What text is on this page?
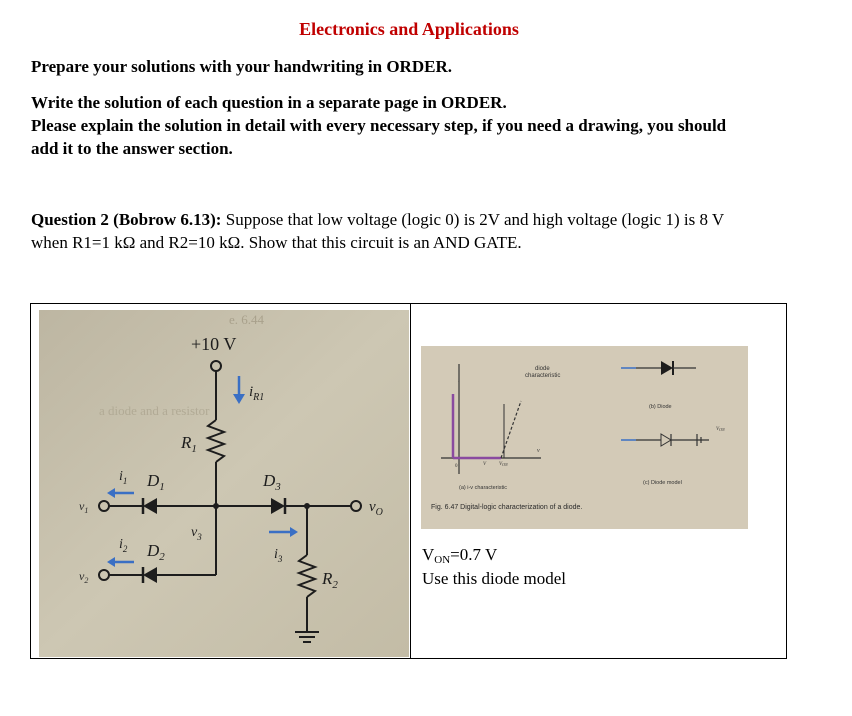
Electronics and Applications
Prepare your solutions with your handwriting in ORDER.
Write the solution of each question in a separate page in ORDER.
Please explain the solution in detail with every necessary step, if you need a drawing, you should
add it to the answer section.
Question 2 (Bobrow 6.13): Suppose that low voltage (logic 0) is 2V and high voltage (logic 1) is 8 V
when R1=1 kΩ and R2=10 kΩ. Show that this circuit is an AND GATE.
e. 6.44
a diode and a resistor
+10 V
$R_1$
$i_{R1}$
$D_1$
$i_1$
$v_1$
$D_2$
$i_2$
$v_2$
$v_3$
$D_3$
$v_O$
$i_3$
$R_2$

i
v
0	V	$V_{ON}$
diode
characteristic
(a) i-v characteristic
(b) Diode
$V_{ON}$
(c) Diode model
Fig. 6.47 Digital-logic characterization of a diode.
$V_{ON}=0.7$ V
Use this diode model
